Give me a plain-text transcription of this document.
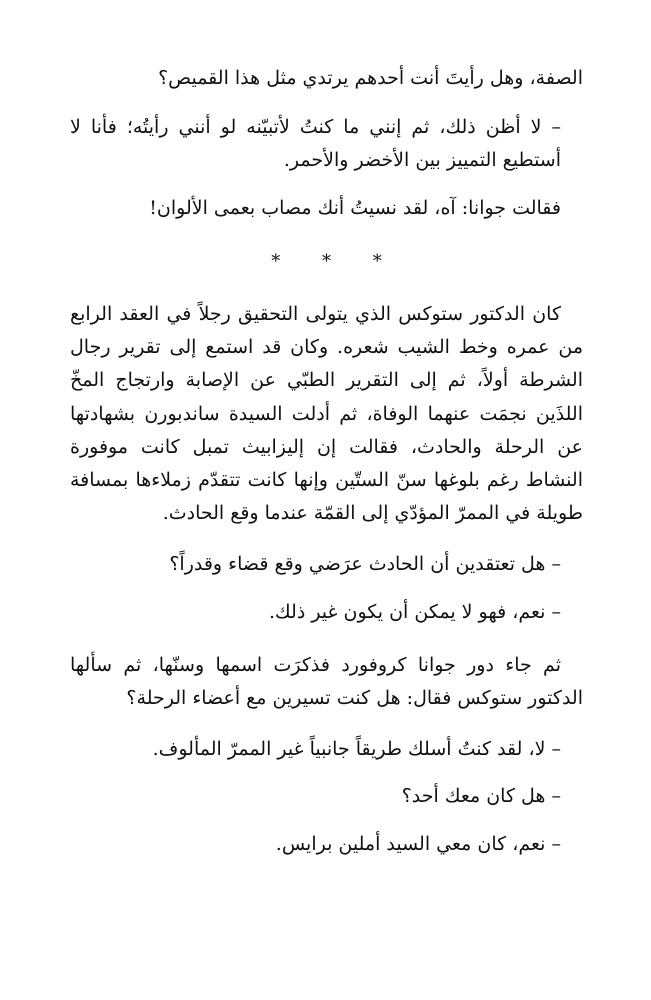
الصفة، وهل رأيتَ أنت أحدهم يرتدي مثل هذا القميص؟

– لا أظن ذلك، ثم إنني ما كنتُ لأتبيّنه لو أنني رأيتُه؛ فأنا لا أستطيع التمييز بين الأخضر والأحمر.

فقالت جوانا: آه، لقد نسيتُ أنك مصاب بعمى الألوان!

* * *

كان الدكتور ستوكس الذي يتولى التحقيق رجلاً في العقد الرابع من عمره وخط الشيب شعره. وكان قد استمع إلى تقرير رجال الشرطة أولاً، ثم إلى التقرير الطبّي عن الإصابة وارتجاج المخّ اللذَين نجمَت عنهما الوفاة، ثم أدلت السيدة ساندبورن بشهادتها عن الرحلة والحادث، فقالت إن إليزابيث تمبل كانت موفورة النشاط رغم بلوغها سنّ الستّين وإنها كانت تتقدّم زملاءها بمسافة طويلة في الممرّ المؤدّي إلى القمّة عندما وقع الحادث.

– هل تعتقدين أن الحادث عرَضي وقع قضاء وقدراً؟

– نعم، فهو لا يمكن أن يكون غير ذلك.

ثم جاء دور جوانا كروفورد فذكرَت اسمها وسنّها، ثم سألها الدكتور ستوكس فقال: هل كنت تسيرين مع أعضاء الرحلة؟

– لا، لقد كنتُ أسلك طريقاً جانبياً غير الممرّ المألوف.

– هل كان معك أحد؟

– نعم، كان معي السيد أملين برايس.
